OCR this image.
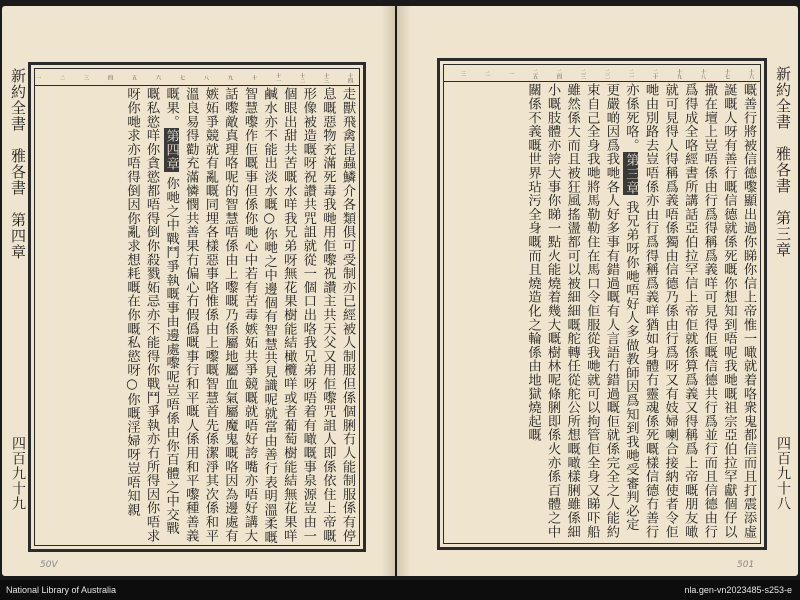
十四
十三
十二
十一
十
九
八
七
六
五
四
三
二
一

走獸飛禽昆蟲鱗介各類俱可受制亦已經被人制服但係個脷冇人能制服係有停息嘅惡物充滿死毒我哋用佢嚟祝讚主共天父又用佢嚟咒詛人即係依住上帝嘅形像被造嘅呀祝讚共咒詛就從一個口出咯我兄弟呀唔着有噉嘅事泉源豈由一個眼出甜共苦嘅水咩我兄弟呀無花果樹能結橄欖咩或者葡萄樹能結無花果咩鹹水亦不能出淡水嘅○你哋之中邊個有智慧共見識呢就當由善行表明溫柔嘅智慧嚟作佢嘅事但係你哋心中若有苦毒嫉妬共爭競嘅就唔好誇嘴亦唔好講大話嚟敵真理咯呢的智慧唔係由上嚟嘅乃係屬地屬血氣屬魔鬼嘅咯因為邊處有嫉妬爭競就有亂嘅同埋各樣惡事咯惟係由上嚟嘅智慧首先係潔淨其次係和平溫良易得勸充滿憐憫共善果冇偏心冇假僞嘅事行和平嘅人係用和平嚟種善義嘅果。第四章 你哋之中戰鬥爭執嘅事由邊處嚟呢豈唔係由你百體之中交戰嘅私慾咩你貪慾都唔得倒你殺戮妬忌亦不能得你戰鬥爭執亦冇所得因你唔求呀你哋求亦唔得倒因你亂求想耗嘅在你嘅私慾呀○你嘅淫婦呀豈唔知親

新約全書　雅各書　第四章
四百九十九
50V
十六
十七
十八
十九
二十
二一
二二
二三
二四
二五
一
二
三

嘅善行將被信德嚟顯出過你睇你信上帝惟一噉就着咯衆鬼都信而且打震添虛誕嘅人呀有善行嘅信德就係死嘅你想知到唔呢我哋嘅祖宗亞伯拉罕獻個仔以撒在壇上豈唔係由行爲得稱爲義咩可見得佢嘅信德共行爲並行而且信德由行爲得成全咯經書所講話亞伯拉罕信上帝佢就係算爲義又得稱爲上帝嘅朋友噉就可見得人得稱爲義唔係獨由信德乃係由行爲呀又有妓婦喇合接納使者令佢哋由別路去豈唔係亦由行爲得稱爲義咩猶如身體冇靈魂係死嘅樣信德冇善行亦係死咯。第三章 我兄弟呀你哋唔好人多做教師因爲知到我哋受審判必定更嚴啲因爲我哋各人好多事有錯過嘅有人言語冇錯過嘅佢就係完全之人能約束自己全身我哋將馬勒勒住在馬口令佢服從我哋就可以拘管佢全身又睇吓船雖然係大而且被狂風搖盪都可以被細細嘅舵轉任從舵公所想嘅噉樣脷雖係細小嘅肢體亦誇大事你睇一點火能燒着幾大嘅樹林呢條脷即係火亦係百體之中關係不義嘅世界玷污全身嘅而且燒造化之輪係由地獄燒起嘅	新約全書　雅各書　第三章
四百九十八
501
National Library of Australia	nla.gen-vn2023485-s253-e
